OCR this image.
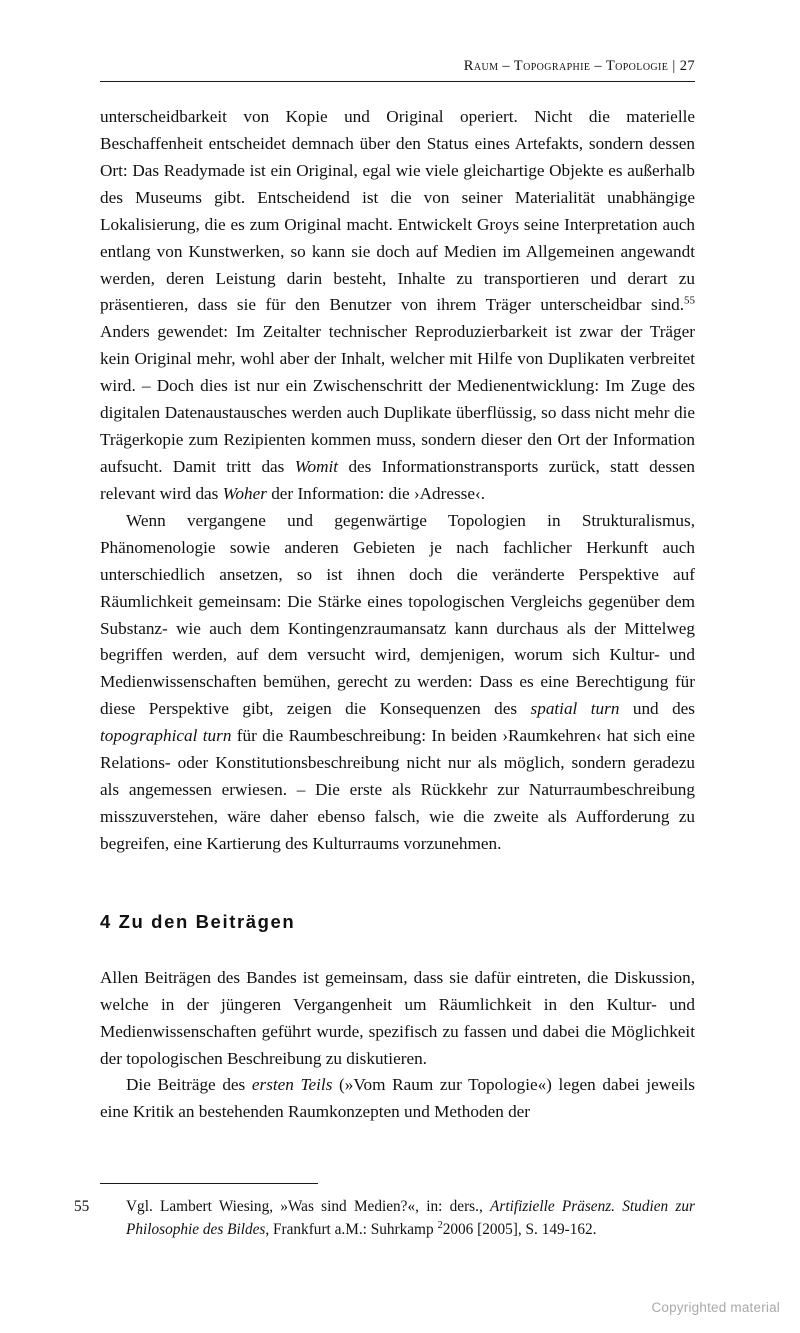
Raum – Topographie – Topologie | 27

unterscheidbarkeit von Kopie und Original operiert. Nicht die materielle Beschaffenheit entscheidet demnach über den Status eines Artefakts, sondern dessen Ort: Das Readymade ist ein Original, egal wie viele gleichartige Objekte es außerhalb des Museums gibt. Entscheidend ist die von seiner Materialität unabhängige Lokalisierung, die es zum Original macht. Entwickelt Groys seine Interpretation auch entlang von Kunstwerken, so kann sie doch auf Medien im Allgemeinen angewandt werden, deren Leistung darin besteht, Inhalte zu transportieren und derart zu präsentieren, dass sie für den Benutzer von ihrem Träger unterscheidbar sind.$^{55}$ Anders gewendet: Im Zeitalter technischer Reproduzierbarkeit ist zwar der Träger kein Original mehr, wohl aber der Inhalt, welcher mit Hilfe von Duplikaten verbreitet wird. – Doch dies ist nur ein Zwischenschritt der Medienentwicklung: Im Zuge des digitalen Datenaustausches werden auch Duplikate überflüssig, so dass nicht mehr die Trägerkopie zum Rezipienten kommen muss, sondern dieser den Ort der Information aufsucht. Damit tritt das Womit des Informationstransports zurück, statt dessen relevant wird das Woher der Information: die ›Adresse‹.

Wenn vergangene und gegenwärtige Topologien in Strukturalismus, Phänomenologie sowie anderen Gebieten je nach fachlicher Herkunft auch unterschiedlich ansetzen, so ist ihnen doch die veränderte Perspektive auf Räumlichkeit gemeinsam: Die Stärke eines topologischen Vergleichs gegenüber dem Substanz- wie auch dem Kontingenzraumansatz kann durchaus als der Mittelweg begriffen werden, auf dem versucht wird, demjenigen, worum sich Kultur- und Medienwissenschaften bemühen, gerecht zu werden: Dass es eine Berechtigung für diese Perspektive gibt, zeigen die Konsequenzen des spatial turn und des topographical turn für die Raumbeschreibung: In beiden ›Raumkehren‹ hat sich eine Relations- oder Konstitutionsbeschreibung nicht nur als möglich, sondern geradezu als angemessen erwiesen. – Die erste als Rückkehr zur Naturraumbeschreibung misszuverstehen, wäre daher ebenso falsch, wie die zweite als Aufforderung zu begreifen, eine Kartierung des Kulturraums vorzunehmen.

4 Zu den Beiträgen

Allen Beiträgen des Bandes ist gemeinsam, dass sie dafür eintreten, die Diskussion, welche in der jüngeren Vergangenheit um Räumlichkeit in den Kultur- und Medienwissenschaften geführt wurde, spezifisch zu fassen und dabei die Möglichkeit der topologischen Beschreibung zu diskutieren.

Die Beiträge des ersten Teils (»Vom Raum zur Topologie«) legen dabei jeweils eine Kritik an bestehenden Raumkonzepten und Methoden der

55 Vgl. Lambert Wiesing, »Was sind Medien?«, in: ders., Artifizielle Präsenz. Studien zur Philosophie des Bildes, Frankfurt a.M.: Suhrkamp $^2$2006 [2005], S. 149-162.
Copyrighted material
